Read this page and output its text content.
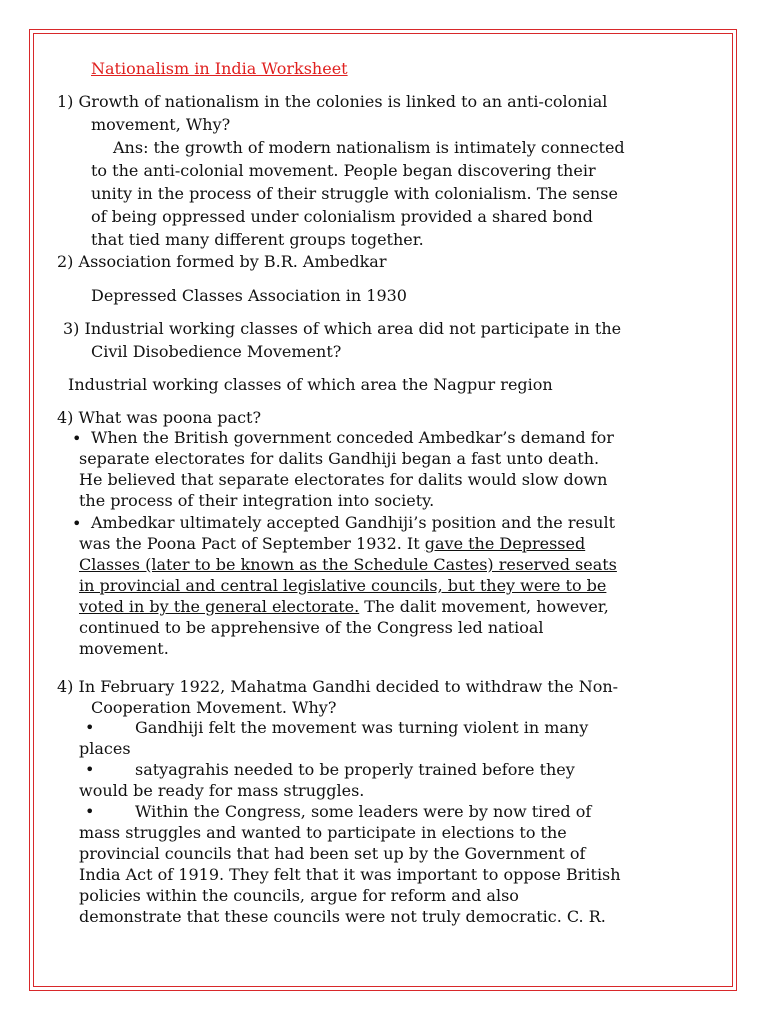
Nationalism in India Worksheet
1) Growth of nationalism in the colonies is linked to an anti-colonial
movement, Why?
Ans: the growth of modern nationalism is intimately connected
to the anti-colonial movement. People began discovering their
unity in the process of their struggle with colonialism. The sense
of being oppressed under colonialism provided a shared bond
that tied many different groups together.
2) Association formed by B.R. Ambedkar
Depressed Classes Association in 1930
3) Industrial working classes of which area did not participate in the
Civil Disobedience Movement?
Industrial working classes of which area the Nagpur region
4) What was poona pact?
• When the British government conceded Ambedkar’s demand for
separate electorates for dalits Gandhiji began a fast unto death.
He believed that separate electorates for dalits would slow down
the process of their integration into society.
• Ambedkar ultimately accepted Gandhiji’s position and the result
was the Poona Pact of September 1932. It gave the Depressed
Classes (later to be known as the Schedule Castes) reserved seats
in provincial and central legislative councils, but they were to be
voted in by the general electorate. The dalit movement, however,
continued to be apprehensive of the Congress led natioal
movement.
4) In February 1922, Mahatma Gandhi decided to withdraw the Non-
Cooperation Movement. Why?
•	Gandhiji felt the movement was turning violent in many
places
•	satyagrahis needed to be properly trained before they
would be ready for mass struggles.
•	Within the Congress, some leaders were by now tired of
mass struggles and wanted to participate in elections to the
provincial councils that had been set up by the Government of
India Act of 1919. They felt that it was important to oppose British
policies within the councils, argue for reform and also
demonstrate that these councils were not truly democratic. C. R.
